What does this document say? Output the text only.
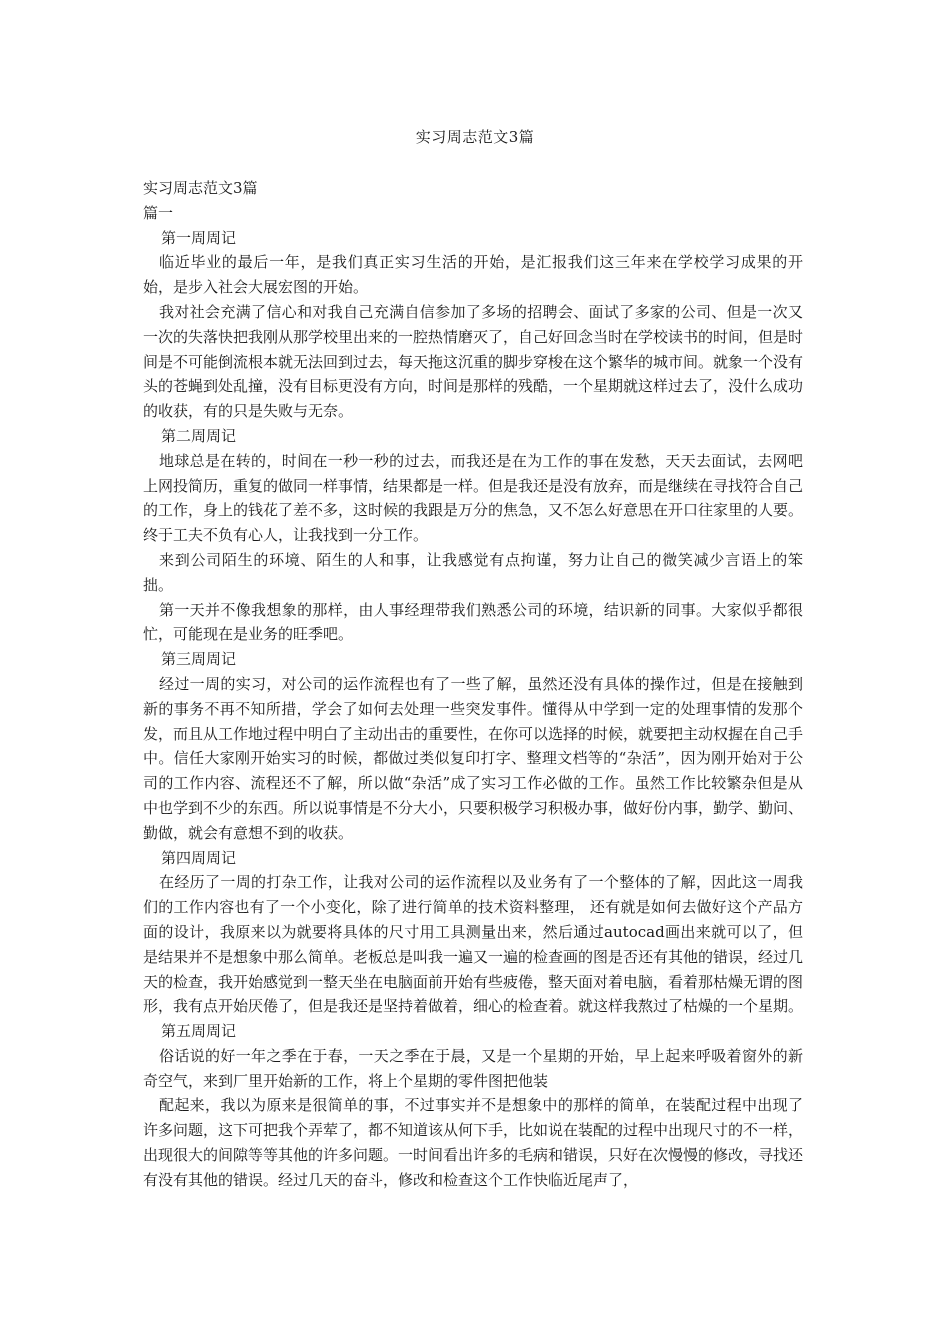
实习周志范文3篇

实习周志范文3篇

篇一

第一周周记

临近毕业的最后一年，是我们真正实习生活的开始，是汇报我们这三年来在学校学习成果的开始，是步入社会大展宏图的开始。

我对社会充满了信心和对我自己充满自信参加了多场的招聘会、面试了多家的公司、但是一次又一次的失落快把我刚从那学校里出来的一腔热情磨灭了，自己好回念当时在学校读书的时间，但是时间是不可能倒流根本就无法回到过去，每天拖这沉重的脚步穿梭在这个繁华的城市间。就象一个没有头的苍蝇到处乱撞，没有目标更没有方向，时间是那样的残酷，一个星期就这样过去了，没什么成功的收获，有的只是失败与无奈。

第二周周记

地球总是在转的，时间在一秒一秒的过去，而我还是在为工作的事在发愁，天天去面试，去网吧上网投简历，重复的做同一样事情，结果都是一样。但是我还是没有放弃，而是继续在寻找符合自己的工作，身上的钱花了差不多，这时候的我跟是万分的焦急，又不怎么好意思在开口往家里的人要。终于工夫不负有心人，让我找到一分工作。

来到公司陌生的环境、陌生的人和事，让我感觉有点拘谨，努力让自己的微笑减少言语上的笨拙。

第一天并不像我想象的那样，由人事经理带我们熟悉公司的环境，结识新的同事。大家似乎都很忙，可能现在是业务的旺季吧。

第三周周记

经过一周的实习，对公司的运作流程也有了一些了解，虽然还没有具体的操作过，但是在接触到新的事务不再不知所措，学会了如何去处理一些突发事件。懂得从中学到一定的处理事情的发那个发，而且从工作地过程中明白了主动出击的重要性，在你可以选择的时候，就要把主动权握在自己手中。信任大家刚开始实习的时候，都做过类似复印打字、整理文档等的“杂活”，因为刚开始对于公司的工作内容、流程还不了解，所以做“杂活”成了实习工作必做的工作。虽然工作比较繁杂但是从中也学到不少的东西。所以说事情是不分大小，只要积极学习积极办事，做好份内事，勤学、勤问、勤做，就会有意想不到的收获。

第四周周记

在经历了一周的打杂工作，让我对公司的运作流程以及业务有了一个整体的了解，因此这一周我们的工作内容也有了一个小变化，除了进行简单的技术资料整理， 还有就是如何去做好这个产品方面的设计，我原来以为就要将具体的尺寸用工具测量出来，然后通过autocad画出来就可以了，但是结果并不是想象中那么简单。老板总是叫我一遍又一遍的检查画的图是否还有其他的错误，经过几天的检查，我开始感觉到一整天坐在电脑面前开始有些疲倦，整天面对着电脑，看着那枯燥无谓的图形，我有点开始厌倦了，但是我还是坚持着做着，细心的检查着。就这样我熬过了枯燥的一个星期。

第五周周记

俗话说的好一年之季在于春，一天之季在于晨，又是一个星期的开始，早上起来呼吸着窗外的新奇空气，来到厂里开始新的工作，将上个星期的零件图把他装

配起来，我以为原来是很简单的事，不过事实并不是想象中的那样的简单，在装配过程中出现了许多问题，这下可把我个弄荤了，都不知道该从何下手，比如说在装配的过程中出现尺寸的不一样，出现很大的间隙等等其他的许多问题。一时间看出许多的毛病和错误，只好在次慢慢的修改，寻找还有没有其他的错误。经过几天的奋斗，修改和检查这个工作快临近尾声了，
